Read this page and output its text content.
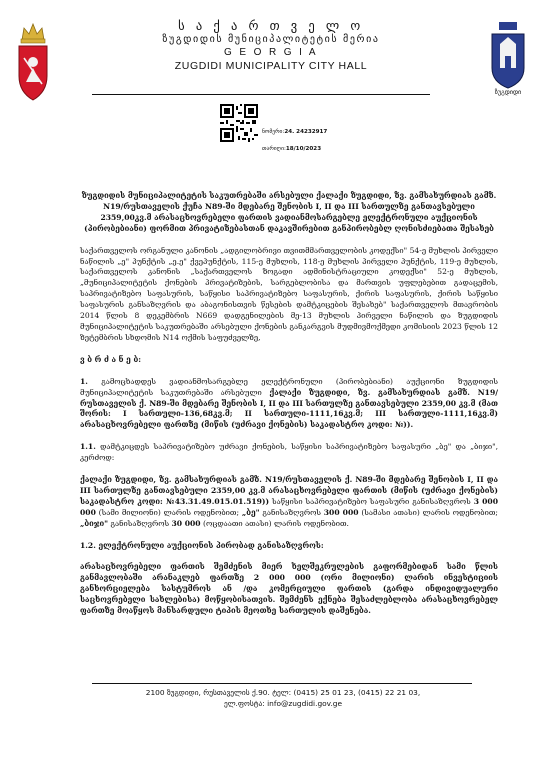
ს ა ქ ა რ თ ვ ე ლ ო
ზუგდიდის მუნიციპალიტეტის მერია
G E O R G I A
ZUGDIDI MUNICIPALITY CITY HALL
ზუგდიდი
ნომერი:24. 24232917
თარიღი:18/10/2023

ზუგდიდის მუნიციპალიტეტის საკუთრებაში არსებული ქალაქი ზუგდიდი, ზვ. გამსახურდიას გამზ. N19/რუსთაველის ქუჩა N89-ში მდებარე შენობის I, II და III სართულზე განთავსებული 2359,00კვ.მ არასაცხოვრებელი ფართის ვადიანმოსარგებლე ელექტრონული აუქციონის (პირობებიანი) ფორმით პრივატიზებასთან დაკავშირებით განპირობებლ ღონისძიებათა შესახებ

საქართველოს ორგანული კანონის „ადგილობრივი თვითმმართველობის კოდექსი" 54-ე მუხლის პირველი ნაწილის „ე" პუნქტის „ე.ე" ქვეპუნქტის, 115-ე მუხლის, 118-ე მუხლის პირველი პუნქტის, 119-ე მუხლის, საქართველოს კანონის „საქართველოს ზოგადი ადმინისტრაციული კოდექსი" 52-ე მუხლის, „მუნიციპალიტეტის ქონების პრივატიზების, სარგებლობისა და მართვის უფლებებით გადაცემის, საპრივატიზებო საფასურის, საწყისი საპრივატიზებო საფასურის, ქირის საფასურის, ქირის საწყისი საფასურის განსაზღვრის და აბაგონისთვის წესების დამტკიცების შესახებ" საქართველოს მთავრობის 2014 წლის 8 დეკემბრის N669 დადგენილების მე-13 მუხლის პირველი ნაწილის და ზუგდიდის მუნიციპალიტეტის საკუთრებაში არსებული ქონების განკარგვის მუდმივმოქმედი კომისიის 2023 წლის 12 ზეტემბრის სხდომის N14 ოქმის საფუძველზე,

ვ ბ რ ძ ა ნ ე ბ:

1. გამოცხადდეს ვადიანმოსარგებლე ელექტრონული (პირობებიანი) აუქციონი ზუგდიდის მუნიციპალიტეტის საკუთრებაში არსებული ქალაქი ზუგდიდი, ზვ. გამსახურდიას გამზ. N19/რუსთაველის ქ. N89-ში მდებარე შენობის I, II და III სართულზე განთავსებული 2359,00 კვ.მ (მათ შორის: I სართული-136,68კვ.მ; II სართული-1111,16კვ.მ; III სართული-1111,16კვ.მ) არასაცხოვრებელი ფართზე (მიწის (უძრავი ქონების) საკადასტრო კოდი: №)).

1.1. დამტკიცდეს საპრივატიზებო უძრავი ქონების, საწყისი საპრივატიზებო საფასური „ბე" და „ბიჯი", კერძოდ:

ქალაქი ზუგდიდი, ზვ. გამსახურდიას გამზ. N19/რუსთაველის ქ. N89-ში მდებარე შენობის I, II და III სართულზე განთავსებული 2359,00 კვ.მ არასაცხოვრებელი ფართის (მიწის (უძრავი ქონების) საკადასტრო კოდი: №43.31.49.015.01.519)) საწყისი საპრივატიზებო საფასური განისაზღვროს 3 000 000 (სამი მილიონი) ლარის ოდენობით; „ბე" განისაზღვროს 300 000 (სამასი ათასი) ლარის ოდენობით; „ბიჯი" განისაზღვროს 30 000 (ოცდაათი ათასი) ლარის ოდენობით.

1.2. ელექტრონული აუქციონის პირობად განისაზღვროს:

არასაცხოვრებელი ფართის შემძენის მიერ ხელშეკრულების გაფორმებიდან სამი წლის განმავლობაში არანაკლებ ფართზე 2 000 000 (ორი მილიონი) ლარის ინვესტიციის განხორციელება სასტუმროს ან /და კომერციული ფართის (გარდა ინდივიდუალური საცხოვრებელი სახლებისა) მოწყობისათვის. შემძენს ექნება შესაძლებლობა არასაცხოვრებელ ფართზე მოაწყოს მანსარდული ტიპის მეოთხე სართულის დაშენება.

2100 ზუგდიდი, რუსთაველის ქ.90. ტელ: (0415) 25 01 23, (0415) 22 21 03,
ელ.ფოსტა: info@zugdidi.gov.ge
